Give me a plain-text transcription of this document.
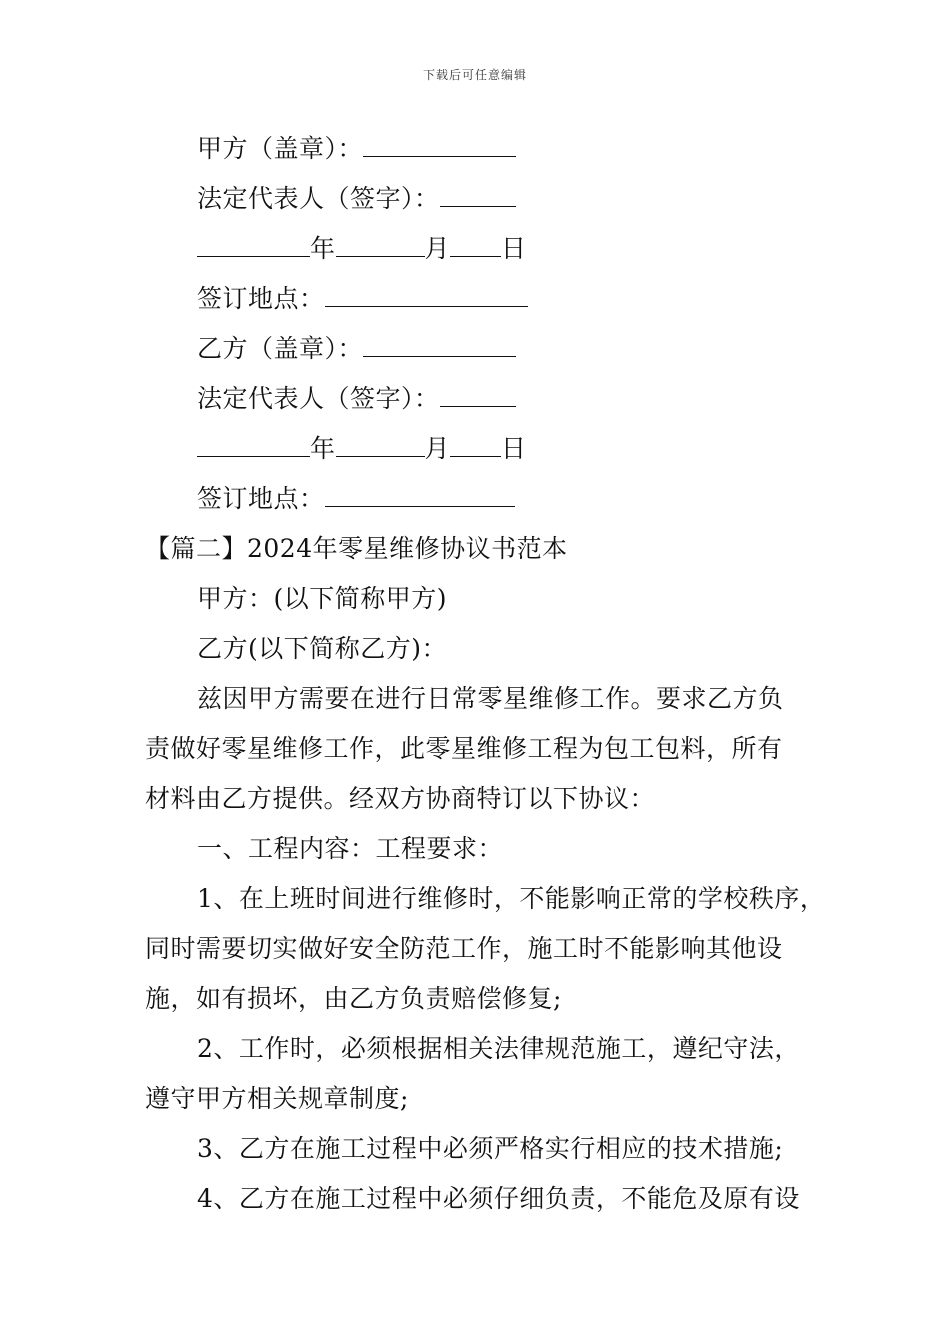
下载后可任意编辑
甲方（盖章）：
法定代表人（签字）：
年	月 日
签订地点：
乙方（盖章）：
法定代表人（签字）：
年	月 日
签订地点：
【篇二】2024年零星维修协议书范本
甲方：(以下简称甲方)
乙方(以下简称乙方)：
兹因甲方需要在进行日常零星维修工作。要求乙方负
责做好零星维修工作，此零星维修工程为包工包料，所有
材料由乙方提供。经双方协商特订以下协议：
一、工程内容：工程要求：
1、在上班时间进行维修时，不能影响正常的学校秩序，
同时需要切实做好安全防范工作，施工时不能影响其他设
施，如有损坏，由乙方负责赔偿修复;
2、工作时，必须根据相关法律规范施工，遵纪守法，
遵守甲方相关规章制度;
3、乙方在施工过程中必须严格实行相应的技术措施;
4、乙方在施工过程中必须仔细负责，不能危及原有设
